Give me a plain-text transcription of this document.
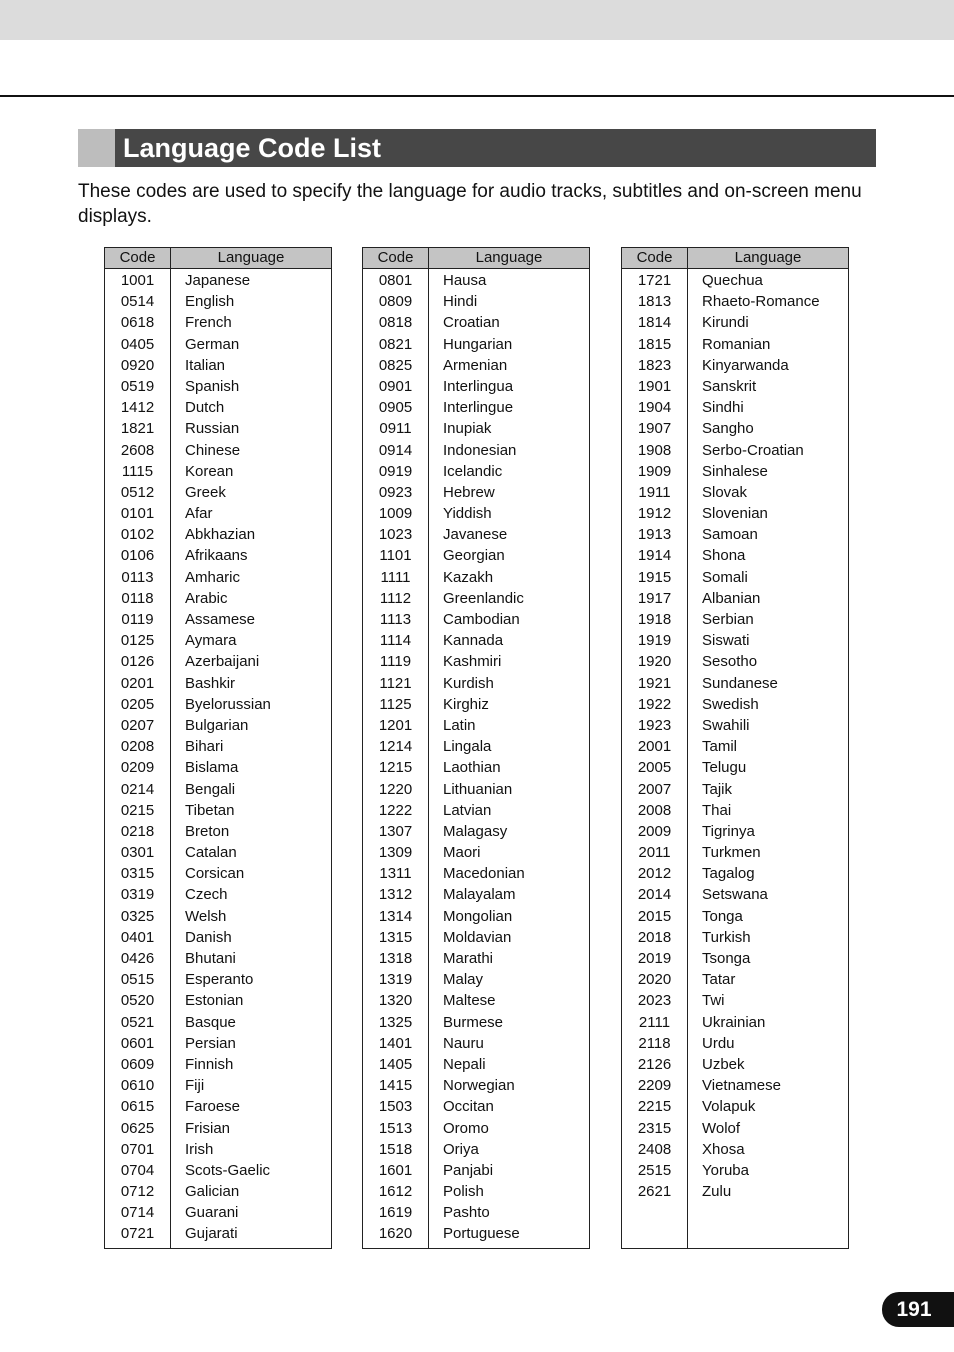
Language Code List

These codes are used to specify the language for audio tracks, subtitles and on-screen menu displays.

Code	Language
1001	Japanese
0514	English
0618	French
0405	German
0920	Italian
0519	Spanish
1412	Dutch
1821	Russian
2608	Chinese
1115	Korean
0512	Greek
0101	Afar
0102	Abkhazian
0106	Afrikaans
0113	Amharic
0118	Arabic
0119	Assamese
0125	Aymara
0126	Azerbaijani
0201	Bashkir
0205	Byelorussian
0207	Bulgarian
0208	Bihari
0209	Bislama
0214	Bengali
0215	Tibetan
0218	Breton
0301	Catalan
0315	Corsican
0319	Czech
0325	Welsh
0401	Danish
0426	Bhutani
0515	Esperanto
0520	Estonian
0521	Basque
0601	Persian
0609	Finnish
0610	Fiji
0615	Faroese
0625	Frisian
0701	Irish
0704	Scots-Gaelic
0712	Galician
0714	Guarani
0721	Gujarati
Code	Language
0801	Hausa
0809	Hindi
0818	Croatian
0821	Hungarian
0825	Armenian
0901	Interlingua
0905	Interlingue
0911	Inupiak
0914	Indonesian
0919	Icelandic
0923	Hebrew
1009	Yiddish
1023	Javanese
1101	Georgian
1111	Kazakh
1112	Greenlandic
1113	Cambodian
1114	Kannada
1119	Kashmiri
1121	Kurdish
1125	Kirghiz
1201	Latin
1214	Lingala
1215	Laothian
1220	Lithuanian
1222	Latvian
1307	Malagasy
1309	Maori
1311	Macedonian
1312	Malayalam
1314	Mongolian
1315	Moldavian
1318	Marathi
1319	Malay
1320	Maltese
1325	Burmese
1401	Nauru
1405	Nepali
1415	Norwegian
1503	Occitan
1513	Oromo
1518	Oriya
1601	Panjabi
1612	Polish
1619	Pashto
1620	Portuguese
Code	Language
1721	Quechua
1813	Rhaeto-Romance
1814	Kirundi
1815	Romanian
1823	Kinyarwanda
1901	Sanskrit
1904	Sindhi
1907	Sangho
1908	Serbo-Croatian
1909	Sinhalese
1911	Slovak
1912	Slovenian
1913	Samoan
1914	Shona
1915	Somali
1917	Albanian
1918	Serbian
1919	Siswati
1920	Sesotho
1921	Sundanese
1922	Swedish
1923	Swahili
2001	Tamil
2005	Telugu
2007	Tajik
2008	Thai
2009	Tigrinya
2011	Turkmen
2012	Tagalog
2014	Setswana
2015	Tonga
2018	Turkish
2019	Tsonga
2020	Tatar
2023	Twi
2111	Ukrainian
2118	Urdu
2126	Uzbek
2209	Vietnamese
2215	Volapuk
2315	Wolof
2408	Xhosa
2515	Yoruba
2621	Zulu
191
